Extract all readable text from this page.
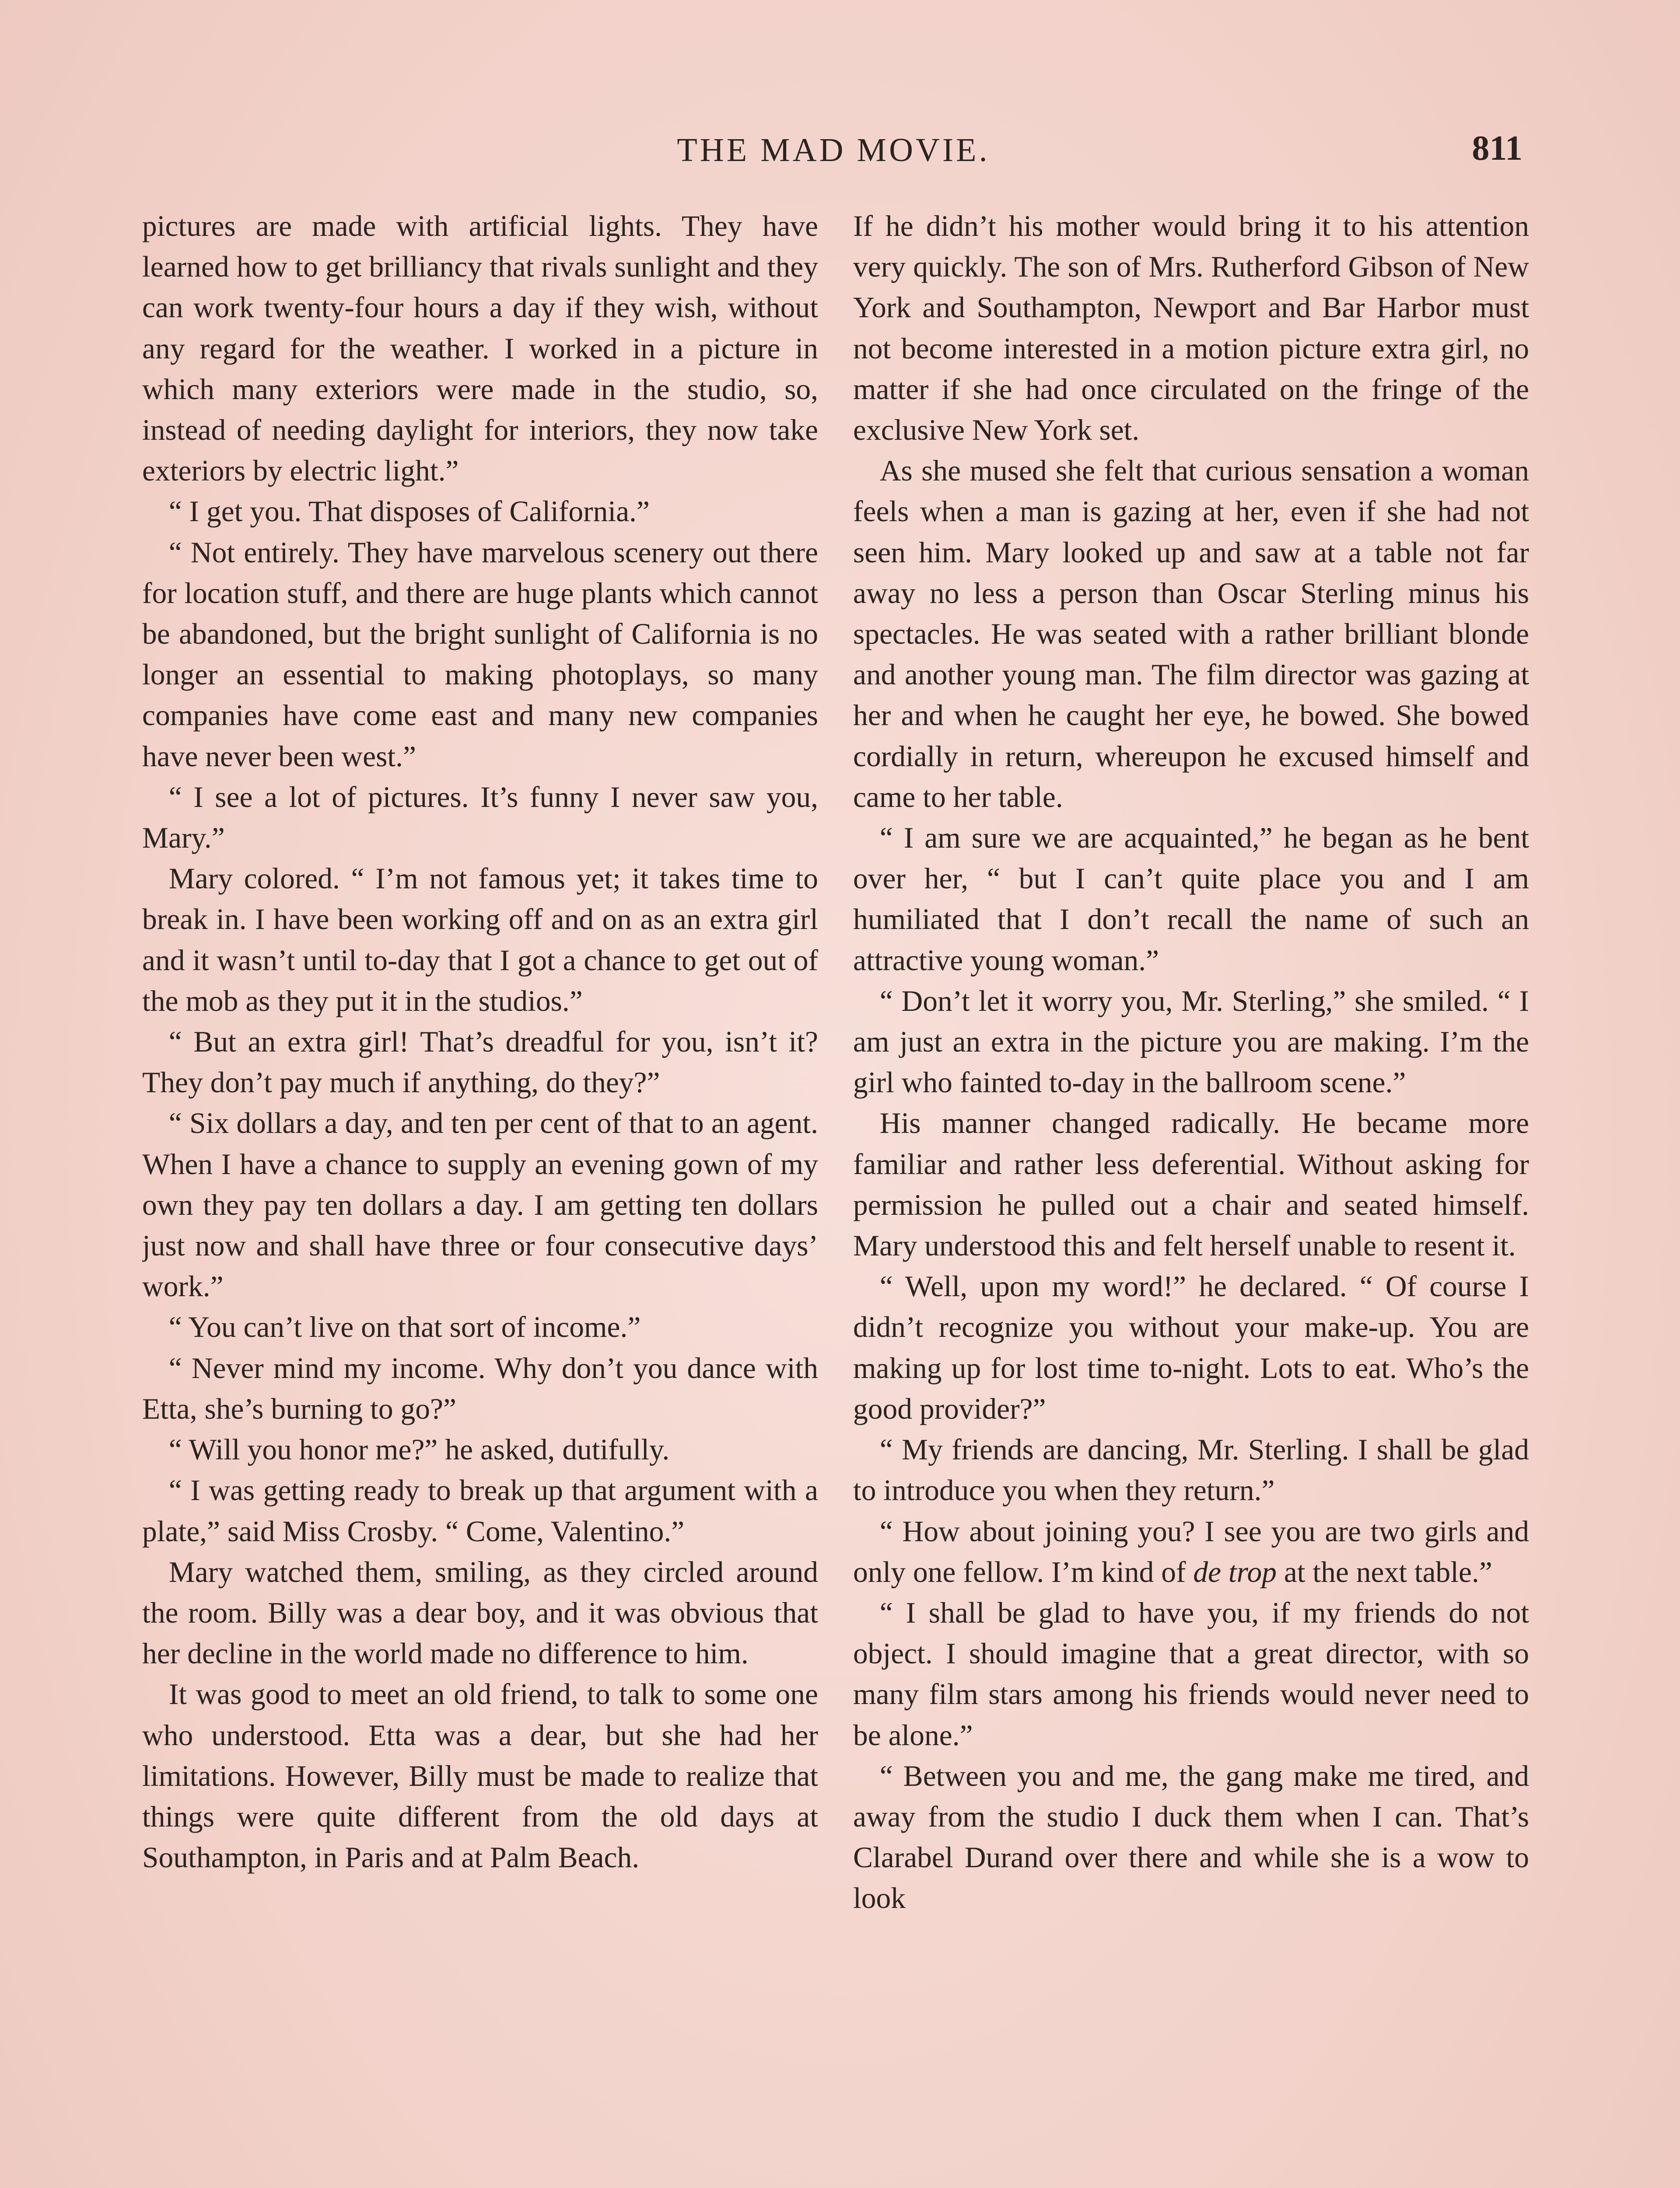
THE MAD MOVIE.	811

pictures are made with artificial lights. They have learned how to get brilliancy that rivals sunlight and they can work twenty-four hours a day if they wish, without any regard for the weather. I worked in a picture in which many exteriors were made in the studio, so, instead of needing daylight for interiors, they now take exteriors by electric light.”

“ I get you. That disposes of California.”

“ Not entirely. They have marvelous scenery out there for location stuff, and there are huge plants which cannot be abandoned, but the bright sunlight of California is no longer an essential to making photoplays, so many companies have come east and many new companies have never been west.”

“ I see a lot of pictures. It’s funny I never saw you, Mary.”

Mary colored. “ I’m not famous yet; it takes time to break in. I have been working off and on as an extra girl and it wasn’t until to-day that I got a chance to get out of the mob as they put it in the studios.”

“ But an extra girl! That’s dreadful for you, isn’t it? They don’t pay much if anything, do they?”

“ Six dollars a day, and ten per cent of that to an agent. When I have a chance to supply an evening gown of my own they pay ten dollars a day. I am getting ten dollars just now and shall have three or four consecutive days’ work.”

“ You can’t live on that sort of income.”

“ Never mind my income. Why don’t you dance with Etta, she’s burning to go?”

“ Will you honor me?” he asked, dutifully.

“ I was getting ready to break up that argument with a plate,” said Miss Crosby. “ Come, Valentino.”

Mary watched them, smiling, as they circled around the room. Billy was a dear boy, and it was obvious that her decline in the world made no difference to him.

It was good to meet an old friend, to talk to some one who understood. Etta was a dear, but she had her limitations. However, Billy must be made to realize that things were quite different from the old days at Southampton, in Paris and at Palm Beach.

If he didn’t his mother would bring it to his attention very quickly. The son of Mrs. Rutherford Gibson of New York and Southampton, Newport and Bar Harbor must not become interested in a motion picture extra girl, no matter if she had once circulated on the fringe of the exclusive New York set.

As she mused she felt that curious sensation a woman feels when a man is gazing at her, even if she had not seen him. Mary looked up and saw at a table not far away no less a person than Oscar Sterling minus his spectacles. He was seated with a rather brilliant blonde and another young man. The film director was gazing at her and when he caught her eye, he bowed. She bowed cordially in return, whereupon he excused himself and came to her table.

“ I am sure we are acquainted,” he began as he bent over her, “ but I can’t quite place you and I am humiliated that I don’t recall the name of such an attractive young woman.”

“ Don’t let it worry you, Mr. Sterling,” she smiled. “ I am just an extra in the picture you are making. I’m the girl who fainted to-day in the ballroom scene.”

His manner changed radically. He became more familiar and rather less deferential. Without asking for permission he pulled out a chair and seated himself. Mary understood this and felt herself unable to resent it.

“ Well, upon my word!” he declared. “ Of course I didn’t recognize you without your make-up. You are making up for lost time to-night. Lots to eat. Who’s the good provider?”

“ My friends are dancing, Mr. Sterling. I shall be glad to introduce you when they return.”

“ How about joining you? I see you are two girls and only one fellow. I’m kind of de trop at the next table.”

“ I shall be glad to have you, if my friends do not object. I should imagine that a great director, with so many film stars among his friends would never need to be alone.”

“ Between you and me, the gang make me tired, and away from the studio I duck them when I can. That’s Clarabel Durand over there and while she is a wow to look
